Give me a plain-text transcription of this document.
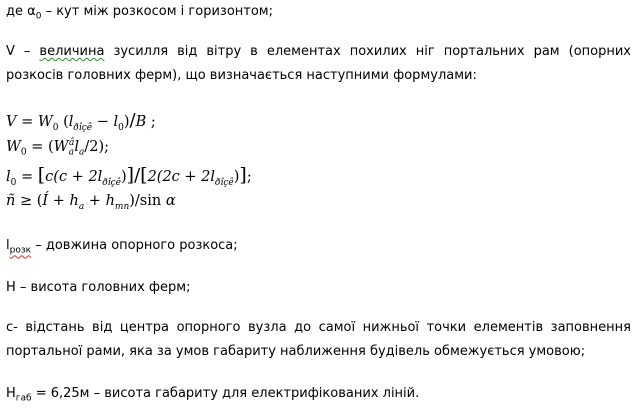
де $\alpha_0$ – кут між розкосом і горизонтом;
V – величина зусилля від вітру в елементах похилих ніг портальних рам (опорних розкосів головних ферм), що визначається наступними формулами:
$V = W_0$ $(l_{ðîçê} - l_0)/B$ ;
$W_0 = (W_a^âl_a/2)$;
$l_0 = [c(c + 2l_{ðîçê})]/[2(2c + 2l_{ðîçê})]$;
ñ ≥ (Í + $h_a + h_{mn})/\sin$ α
$l_{розк}$ – довжина опорного розкоса;
Н – висота головних ферм;
с- відстань від центра опорного вузла до самої нижньої точки елементів заповнення портальної рами, яка за умов габариту наближення будівель обмежується умовою;
$Н_{габ} = 6,25м$ – висота габариту для електрифікованих ліній.
